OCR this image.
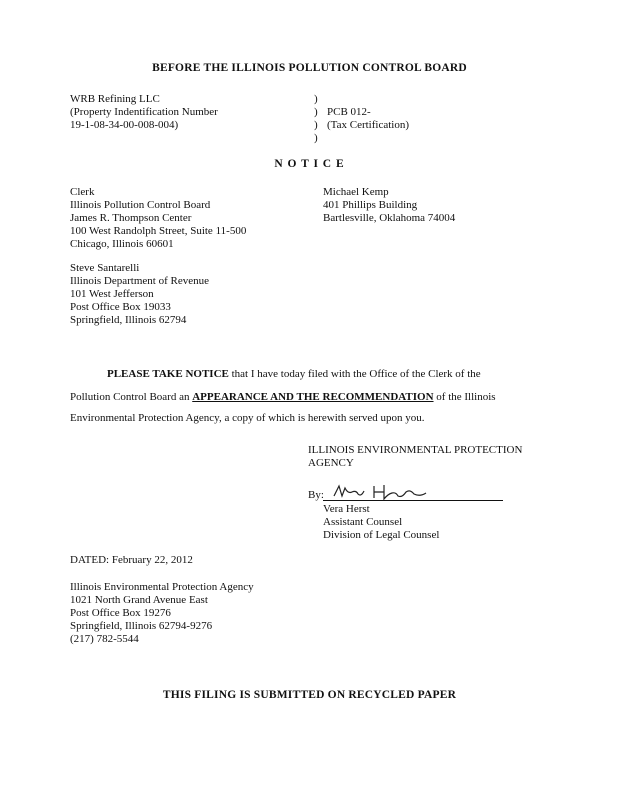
BEFORE THE ILLINOIS POLLUTION CONTROL BOARD
WRB Refining LLC
(Property Indentification Number
19-1-08-34-00-008-004)
)
)
)
)

PCB 012-
(Tax Certification)
N O T I C E
Clerk
Illinois Pollution Control Board
James R. Thompson Center
100 West Randolph Street, Suite 11-500
Chicago, Illinois 60601
Michael Kemp
401 Phillips Building
Bartlesville, Oklahoma 74004
Steve Santarelli
Illinois Department of Revenue
101 West Jefferson
Post Office Box 19033
Springfield, Illinois 62794
PLEASE TAKE NOTICE that I have today filed with the Office of the Clerk of the
Pollution Control Board an APPEARANCE AND THE RECOMMENDATION of the Illinois
Environmental Protection Agency, a copy of which is herewith served upon you.
ILLINOIS ENVIRONMENTAL PROTECTION
AGENCY
By:
Vera Herst
Assistant Counsel
Division of Legal Counsel
DATED: February 22, 2012
Illinois Environmental Protection Agency
1021 North Grand Avenue East
Post Office Box 19276
Springfield, Illinois 62794-9276
(217) 782-5544
THIS FILING IS SUBMITTED ON RECYCLED PAPER
